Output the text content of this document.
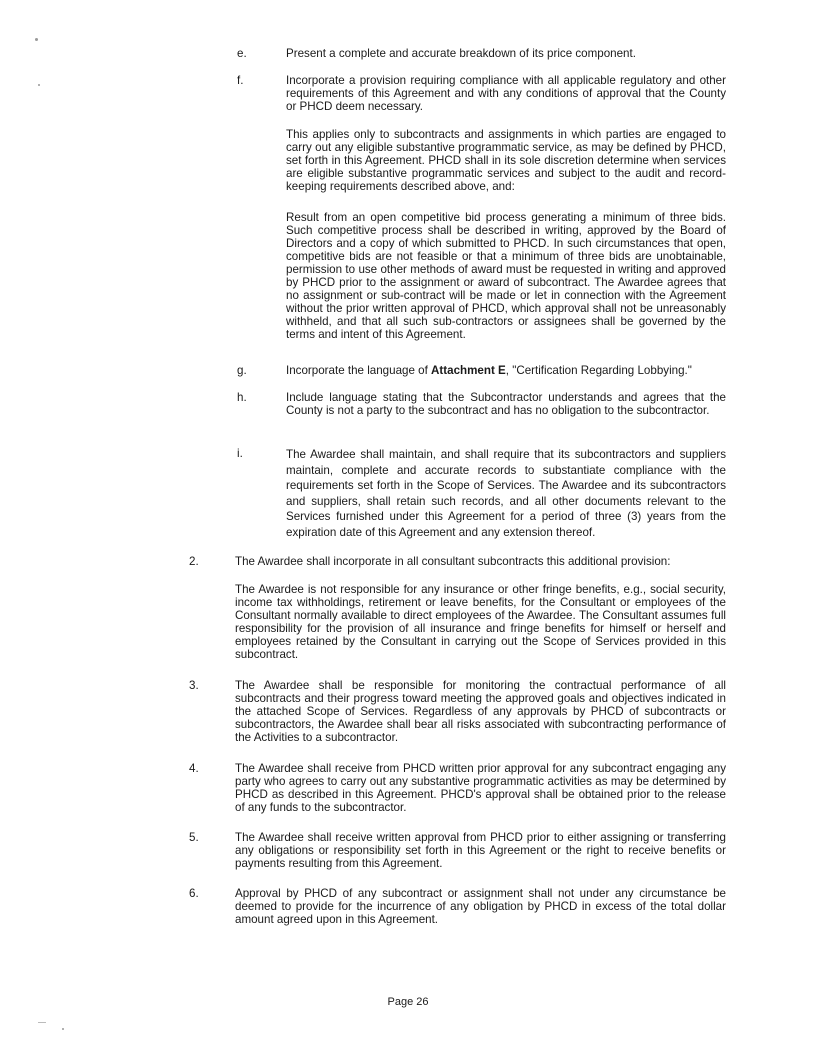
e.	Present a complete and accurate breakdown of its price component.

f.	Incorporate a provision requiring compliance with all applicable regulatory and other requirements of this Agreement and with any conditions of approval that the County or PHCD deem necessary.

This applies only to subcontracts and assignments in which parties are engaged to carry out any eligible substantive programmatic service, as may be defined by PHCD, set forth in this Agreement. PHCD shall in its sole discretion determine when services are eligible substantive programmatic services and subject to the audit and record-keeping requirements described above, and:

Result from an open competitive bid process generating a minimum of three bids. Such competitive process shall be described in writing, approved by the Board of Directors and a copy of which submitted to PHCD. In such circumstances that open, competitive bids are not feasible or that a minimum of three bids are unobtainable, permission to use other methods of award must be requested in writing and approved by PHCD prior to the assignment or award of subcontract. The Awardee agrees that no assignment or sub-contract will be made or let in connection with the Agreement without the prior written approval of PHCD, which approval shall not be unreasonably withheld, and that all such sub-contractors or assignees shall be governed by the terms and intent of this Agreement.

g.	Incorporate the language of Attachment E, "Certification Regarding Lobbying."

h.	Include language stating that the Subcontractor understands and agrees that the County is not a party to the subcontract and has no obligation to the subcontractor.

i.	The Awardee shall maintain, and shall require that its subcontractors and suppliers maintain, complete and accurate records to substantiate compliance with the requirements set forth in the Scope of Services. The Awardee and its subcontractors and suppliers, shall retain such records, and all other documents relevant to the Services furnished under this Agreement for a period of three (3) years from the expiration date of this Agreement and any extension thereof.

2.	The Awardee shall incorporate in all consultant subcontracts this additional provision:

The Awardee is not responsible for any insurance or other fringe benefits, e.g., social security, income tax withholdings, retirement or leave benefits, for the Consultant or employees of the Consultant normally available to direct employees of the Awardee. The Consultant assumes full responsibility for the provision of all insurance and fringe benefits for himself or herself and employees retained by the Consultant in carrying out the Scope of Services provided in this subcontract.

3.	The Awardee shall be responsible for monitoring the contractual performance of all subcontracts and their progress toward meeting the approved goals and objectives indicated in the attached Scope of Services. Regardless of any approvals by PHCD of subcontracts or subcontractors, the Awardee shall bear all risks associated with subcontracting performance of the Activities to a subcontractor.

4.	The Awardee shall receive from PHCD written prior approval for any subcontract engaging any party who agrees to carry out any substantive programmatic activities as may be determined by PHCD as described in this Agreement. PHCD's approval shall be obtained prior to the release of any funds to the subcontractor.

5.	The Awardee shall receive written approval from PHCD prior to either assigning or transferring any obligations or responsibility set forth in this Agreement or the right to receive benefits or payments resulting from this Agreement.

6.	Approval by PHCD of any subcontract or assignment shall not under any circumstance be deemed to provide for the incurrence of any obligation by PHCD in excess of the total dollar amount agreed upon in this Agreement.

Page 26
